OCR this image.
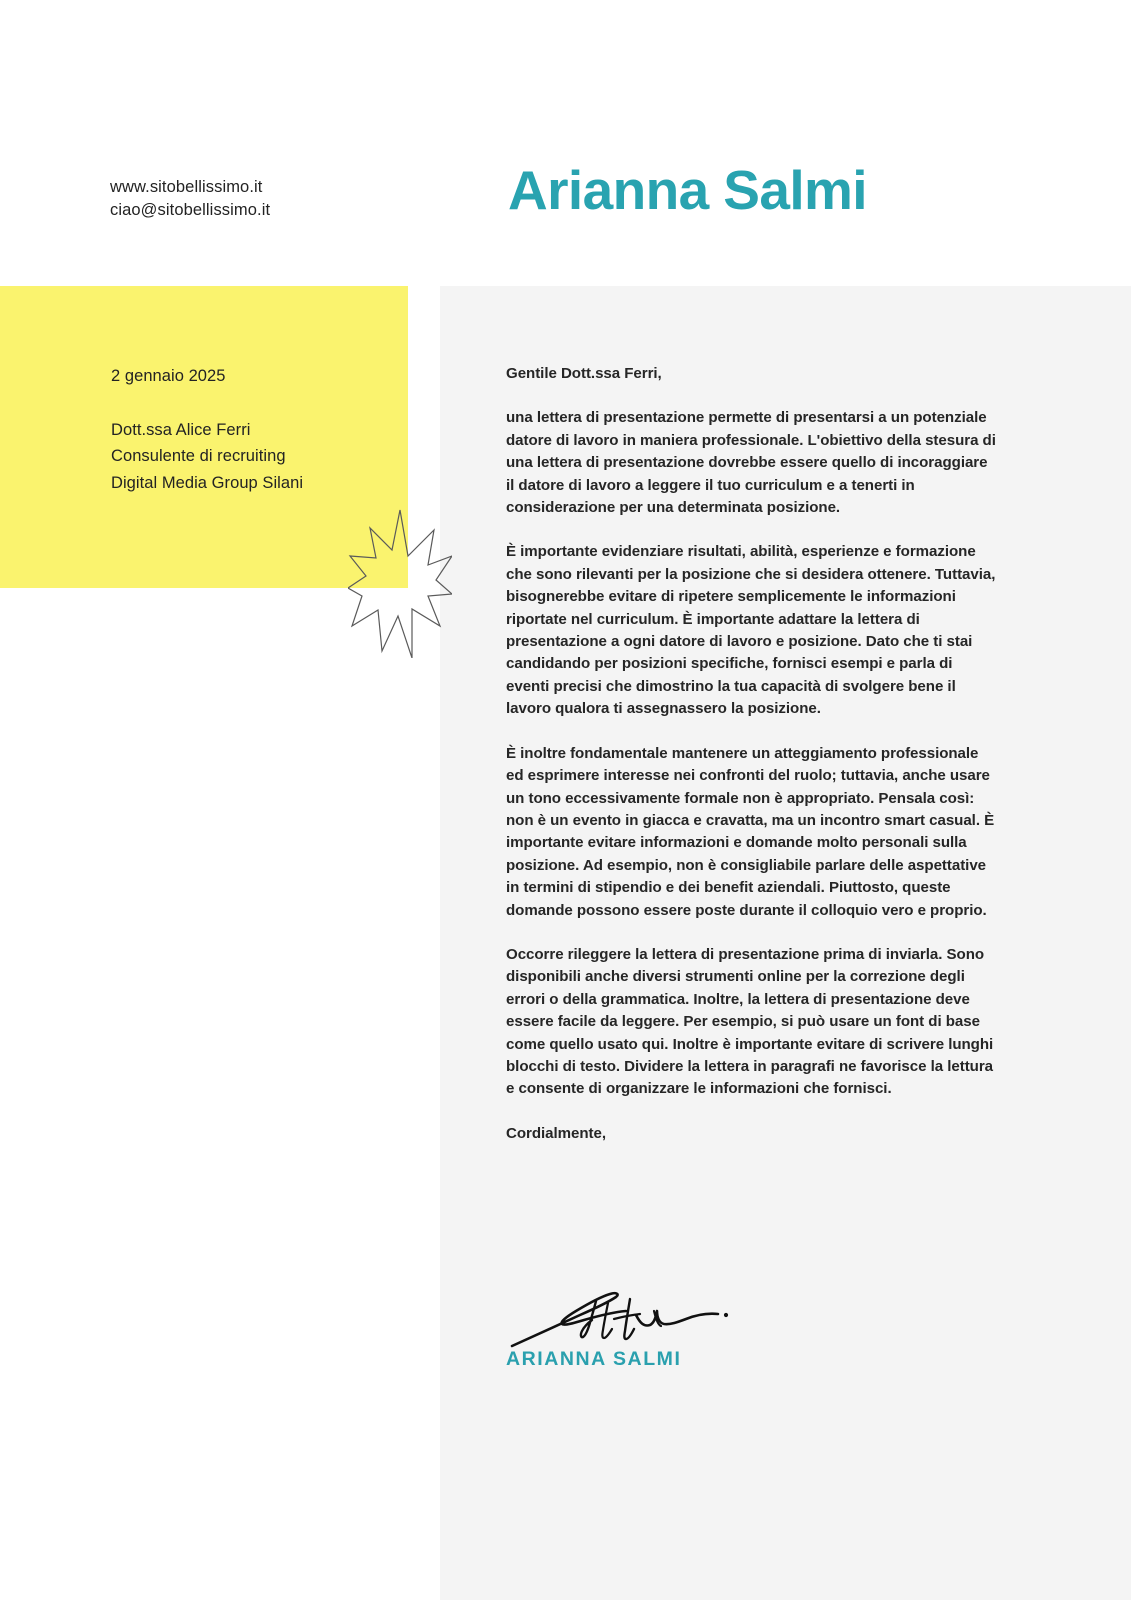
www.sitobellissimo.it
ciao@sitobellissimo.it	Arianna Salmi
2 gennaio 2025
Dott.ssa Alice Ferri
Consulente di recruiting
Digital Media Group Silani

Gentile Dott.ssa Ferri,

una lettera di presentazione permette di presentarsi a un potenziale datore di lavoro in maniera professionale. L'obiettivo della stesura di una lettera di presentazione dovrebbe essere quello di incoraggiare il datore di lavoro a leggere il tuo curriculum e a tenerti in considerazione per una determinata posizione.

È importante evidenziare risultati, abilità, esperienze e formazione che sono rilevanti per la posizione che si desidera ottenere. Tuttavia, bisognerebbe evitare di ripetere semplicemente le informazioni riportate nel curriculum. È importante adattare la lettera di presentazione a ogni datore di lavoro e posizione. Dato che ti stai candidando per posizioni specifiche, fornisci esempi e parla di eventi precisi che dimostrino la tua capacità di svolgere bene il lavoro qualora ti assegnassero la posizione.

È inoltre fondamentale mantenere un atteggiamento professionale ed esprimere interesse nei confronti del ruolo; tuttavia, anche usare un tono eccessivamente formale non è appropriato. Pensala così: non è un evento in giacca e cravatta, ma un incontro smart casual. È importante evitare informazioni e domande molto personali sulla posizione. Ad esempio, non è consigliabile parlare delle aspettative in termini di stipendio e dei benefit aziendali. Piuttosto, queste domande possono essere poste durante il colloquio vero e proprio.

Occorre rileggere la lettera di presentazione prima di inviarla. Sono disponibili anche diversi strumenti online per la correzione degli errori o della grammatica. Inoltre, la lettera di presentazione deve essere facile da leggere. Per esempio, si può usare un font di base come quello usato qui. Inoltre è importante evitare di scrivere lunghi blocchi di testo. Dividere la lettera in paragrafi ne favorisce la lettura e consente di organizzare le informazioni che fornisci.

Cordialmente,

ARIANNA SALMI
